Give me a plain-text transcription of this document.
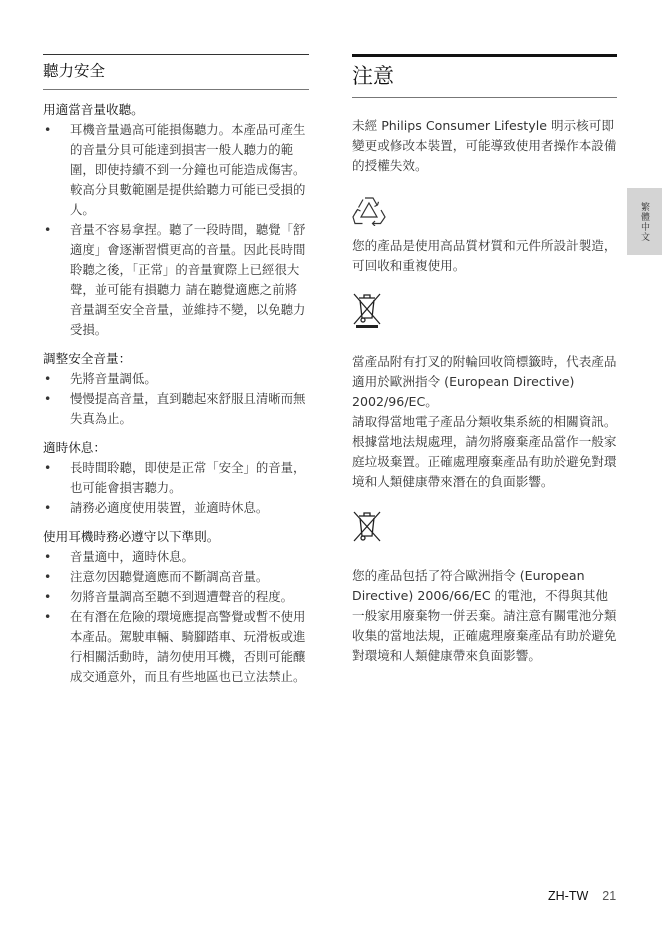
聽力安全
用適當音量收聽。
• 耳機音量過高可能損傷聽力。本產品可產生的音量分貝可能達到損害一般人聽力的範圍，即使持續不到一分鐘也可能造成傷害。較高分貝數範圍是提供給聽力可能已受損的人。
• 音量不容易拿捏。聽了一段時間，聽覺「舒適度」會逐漸習慣更高的音量。因此長時間聆聽之後，「正常」的音量實際上已經很大聲，並可能有損聽力 請在聽覺適應之前將音量調至安全音量，並維持不變，以免聽力受損。
調整安全音量：
• 先將音量調低。
• 慢慢提高音量，直到聽起來舒服且清晰而無失真為止。
適時休息：
• 長時間聆聽，即使是正常「安全」的音量，也可能會損害聽力。
• 請務必適度使用裝置，並適時休息。
使用耳機時務必遵守以下準則。
• 音量適中，適時休息。
• 注意勿因聽覺適應而不斷調高音量。
• 勿將音量調高至聽不到週遭聲音的程度。
• 在有潛在危險的環境應提高警覺或暫不使用本產品。駕駛車輛、騎腳踏車、玩滑板或進行相關活動時，請勿使用耳機，否則可能釀成交通意外，而且有些地區也已立法禁止。
注意

未經 Philips Consumer Lifestyle 明示核可即變更或修改本裝置，可能導致使用者操作本設備的授權失效。

您的產品是使用高品質材質和元件所設計製造，可回收和重複使用。

當產品附有打叉的附輪回收筒標籤時，代表產品適用於歐洲指令 (European Directive) 2002/96/EC。

請取得當地電子產品分類收集系統的相關資訊。

根據當地法規處理，請勿將廢棄產品當作一般家庭垃圾棄置。正確處理廢棄產品有助於避免對環境和人類健康帶來潛在的負面影響。

您的產品包括了符合歐洲指令 (European Directive) 2006/66/EC 的電池，不得與其他一般家用廢棄物一併丟棄。請注意有關電池分類收集的當地法規，正確處理廢棄產品有助於避免對環境和人類健康帶來負面影響。

繁體中文
ZH-TW 21
